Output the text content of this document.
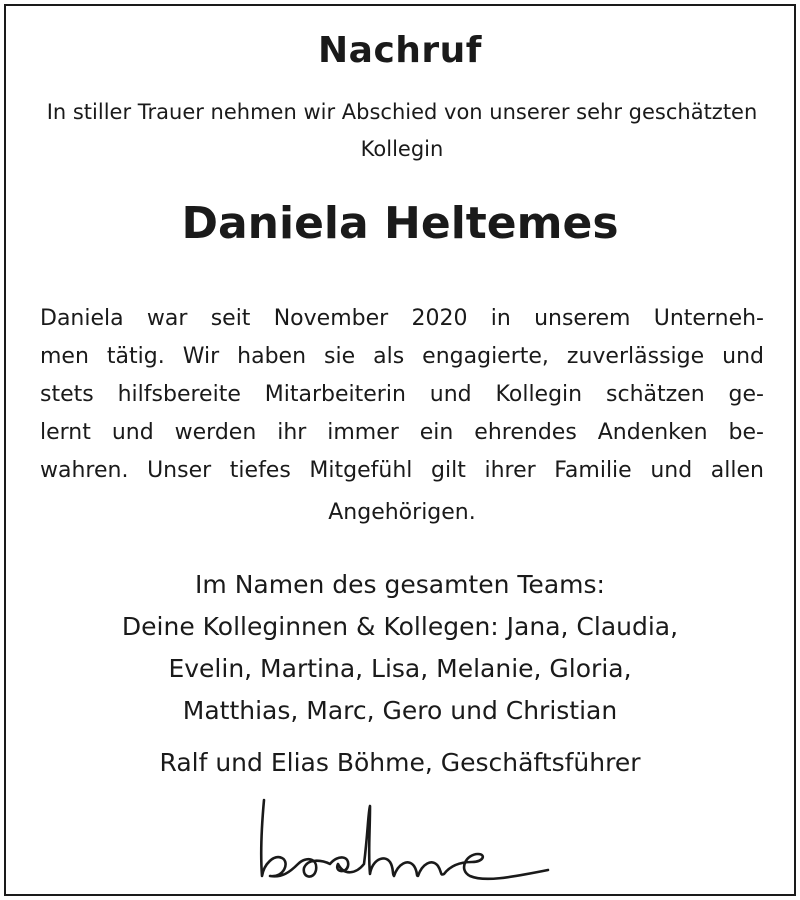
Nachruf
In stiller Trauer nehmen wir Abschied von unserer sehr geschätzten Kollegin
Daniela Heltemes
Daniela war seit November 2020 in unserem Unterneh-
men tätig. Wir haben sie als engagierte, zuverlässige und
stets hilfsbereite Mitarbeiterin und Kollegin schätzen ge-
lernt und werden ihr immer ein ehrendes Andenken be-
wahren. Unser tiefes Mitgefühl gilt ihrer Familie und allen
Angehörigen.
Im Namen des gesamten Teams:
Deine Kolleginnen & Kollegen: Jana, Claudia,
Evelin, Martina, Lisa, Melanie, Gloria,
Matthias, Marc, Gero und Christian
Ralf und Elias Böhme, Geschäftsführer
